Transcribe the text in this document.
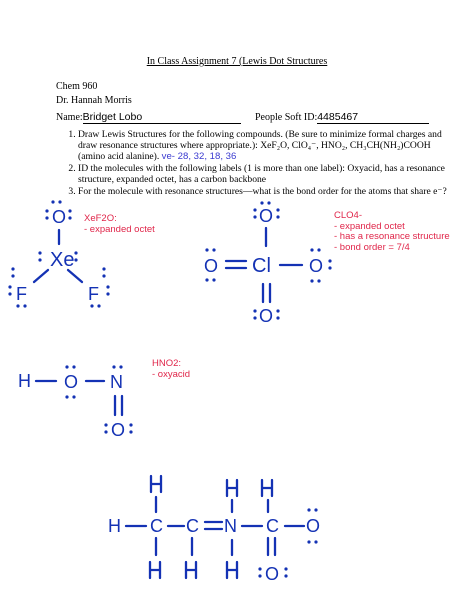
In Class Assignment 7 (Lewis Dot Structures
Chem 960
Dr. Hannah Morris
Name:Bridget Lobo	People Soft ID:4485467
1. Draw Lewis Structures for the following compounds. (Be sure to minimize formal charges and draw resonance structures where appropriate.): XeF₂O, ClO₄⁻, HNO₂, CH₃CH(NH₂)COOH (amino acid alanine). ve- 28, 32, 18, 36
2. ID the molecules with the following labels (1 is more than one label): Oxyacid, has a resonance structure, expanded octet, has a carbon backbone
3. For the molecule with resonance structures—what is the bond order for the atoms that share e⁻?
XeF2O:
- expanded octet
CLO4-
- expanded octet
- has a resonance structure
- bond order = 7/4
HNO2:
- oxyacid
O
Xe
F	F
O
Cl
O	O
O
H O N
O
H C C N C O
O
